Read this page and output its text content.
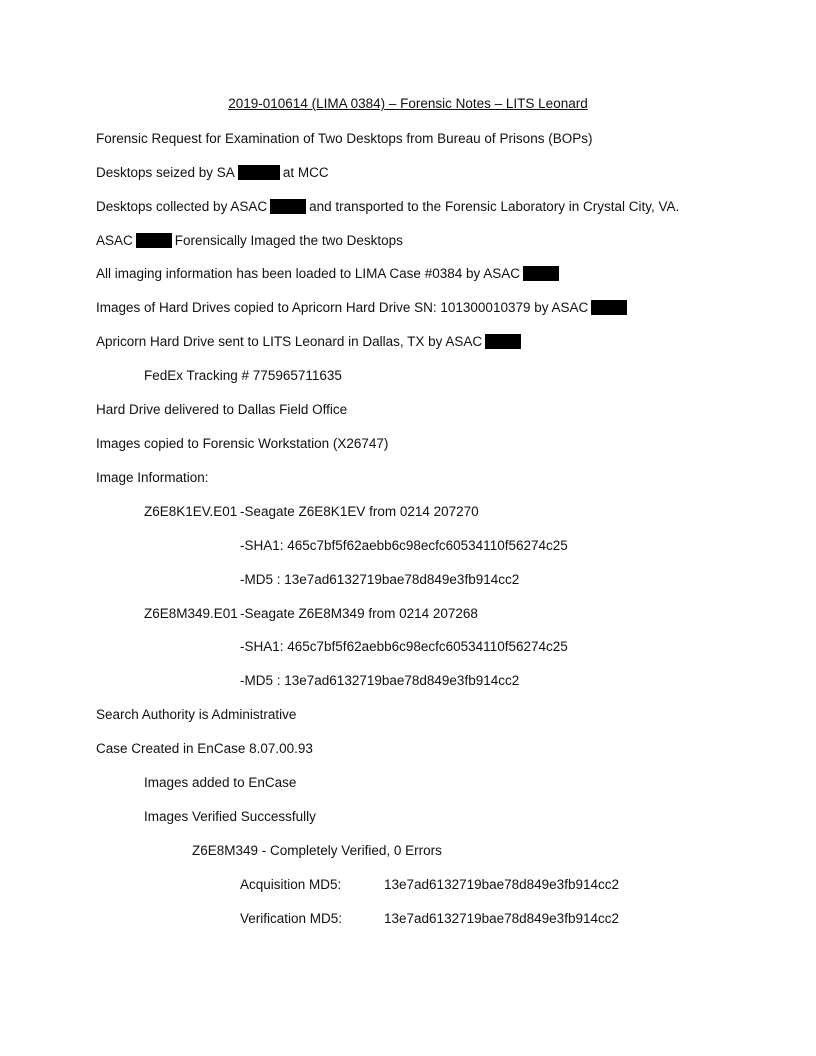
2019-010614 (LIMA 0384) – Forensic Notes – LITS Leonard
Forensic Request for Examination of Two Desktops from Bureau of Prisons (BOPs)
Desktops seized by SA	at MCC
Desktops collected by ASAC	and transported to the Forensic Laboratory in Crystal City, VA.
ASAC	Forensically Imaged the two Desktops
All imaging information has been loaded to LIMA Case #0384 by ASAC
Images of Hard Drives copied to Apricorn Hard Drive SN: 101300010379 by ASAC
Apricorn Hard Drive sent to LITS Leonard in Dallas, TX by ASAC
FedEx Tracking # 775965711635
Hard Drive delivered to Dallas Field Office
Images copied to Forensic Workstation (X26747)
Image Information:
Z6E8K1EV.E01 -Seagate Z6E8K1EV from 0214 207270
-SHA1: 465c7bf5f62aebb6c98ecfc60534110f56274c25
-MD5 : 13e7ad6132719bae78d849e3fb914cc2
Z6E8M349.E01 -Seagate Z6E8M349 from 0214 207268
-SHA1: 465c7bf5f62aebb6c98ecfc60534110f56274c25
-MD5 : 13e7ad6132719bae78d849e3fb914cc2
Search Authority is Administrative
Case Created in EnCase 8.07.00.93
Images added to EnCase
Images Verified Successfully
Z6E8M349 - Completely Verified, 0 Errors
Acquisition MD5:	13e7ad6132719bae78d849e3fb914cc2
Verification MD5:	13e7ad6132719bae78d849e3fb914cc2
